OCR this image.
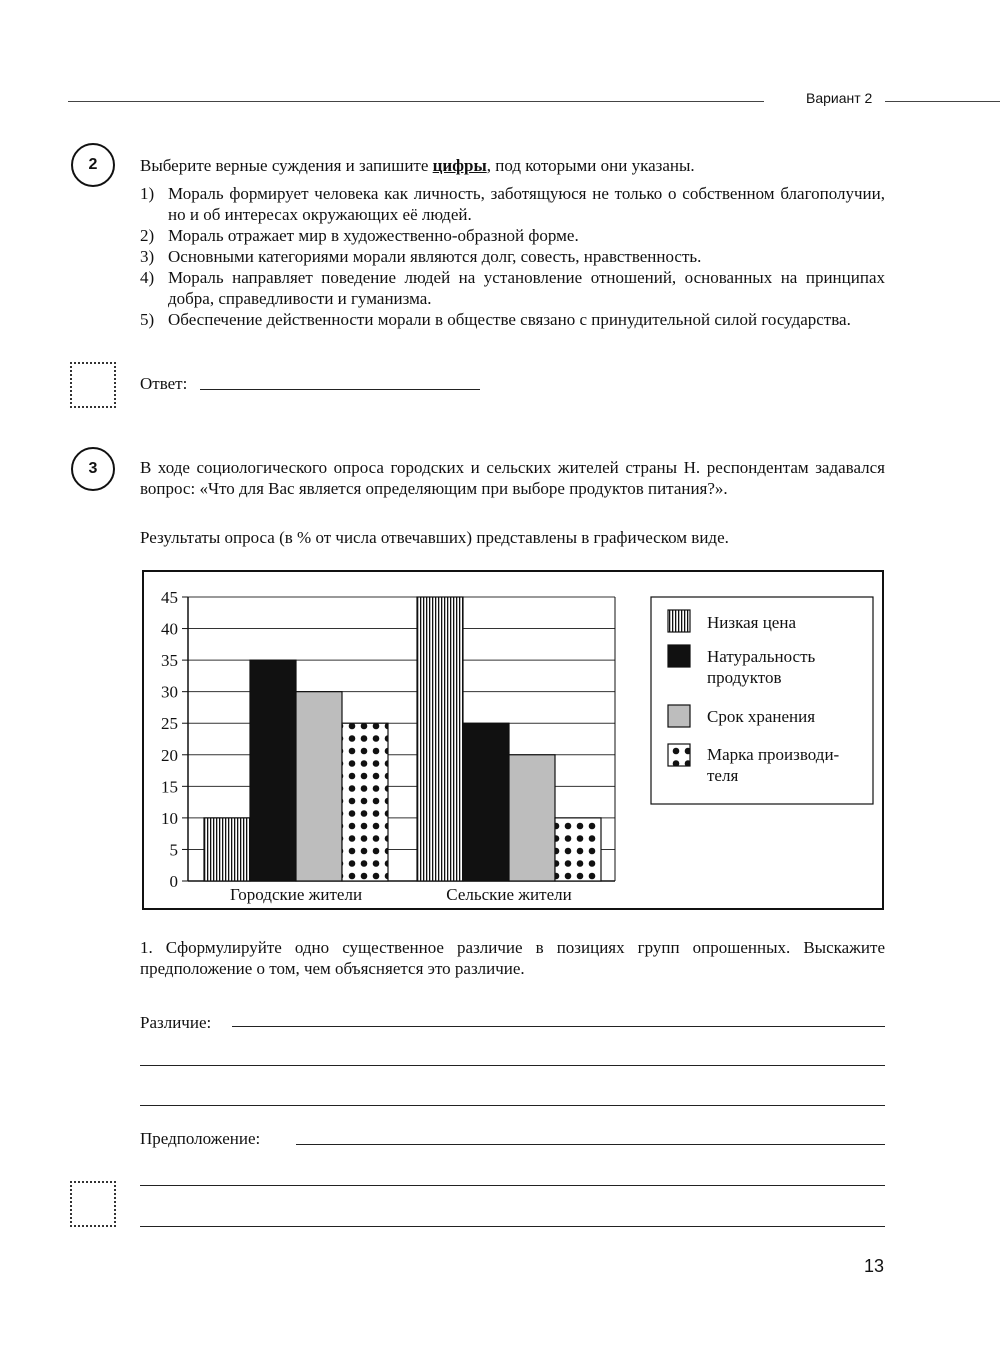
Вариант 2
2	Выберите верные суждения и запишите цифры, под которыми они указаны.
1) Мораль формирует человека как личность, заботящуюся не только о собственном благополучии, но и об интересах окружающих её людей.
2) Мораль отражает мир в художественно-образной форме.
3) Основными категориями морали являются долг, совесть, нравственность.
4) Мораль направляет поведение людей на установление отношений, основанных на принципах добра, справедливости и гуманизма.
5) Обеспечение действенности морали в обществе связано с принудительной силой государства.
Ответ:
3	В ходе социологического опроса городских и сельских жителей страны Н. респондентам задавался вопрос: «Что для Вас является определяющим при выборе продуктов питания?».
Результаты опроса (в % от числа отвечавших) представлены в графическом виде.
0
5
10
15
20
25
30
35
40
45
Городские жители	Сельские жители
Низкая цена
Натуральность
продуктов
Срок хранения
Марка производи-
теля
1. Сформулируйте одно существенное различие в позициях групп опрошенных. Выскажите предположение о том, чем объясняется это различие.
Различие:
Предположение:
13
